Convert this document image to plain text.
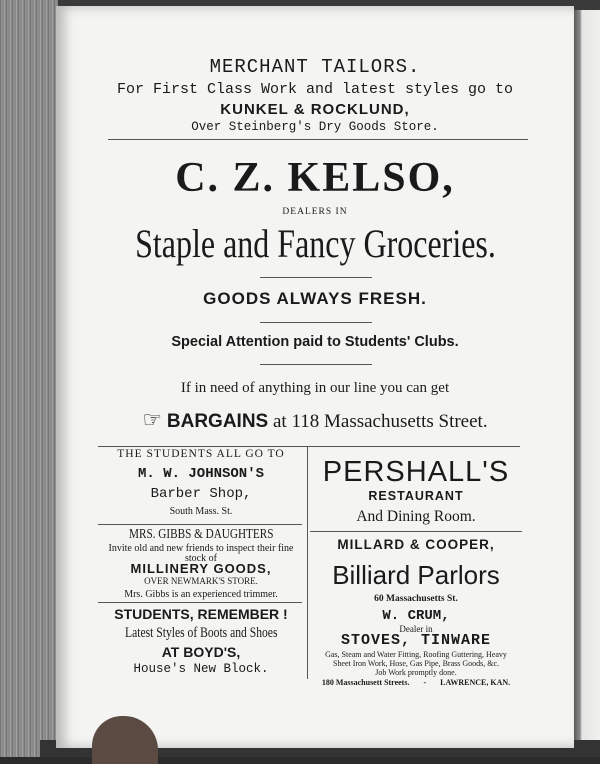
MERCHANT TAILORS.
For First Class Work and latest styles go to
KUNKEL & ROCKLUND,
Over Steinberg's Dry Goods Store.
C. Z. KELSO,
DEALERS IN
Staple and Fancy Groceries.
GOODS ALWAYS FRESH.
Special Attention paid to Students' Clubs.
If in need of anything in our line you can get
☞ BARGAINS at 118 Massachusetts Street.
THE STUDENTS ALL GO TO
M. W. JOHNSON'S
Barber Shop,
South Mass. St.
MRS. GIBBS & DAUGHTERS
Invite old and new friends to inspect their fine
stock of
MILLINERY GOODS,
OVER NEWMARK'S STORE.
Mrs. Gibbs is an experienced trimmer.
STUDENTS, REMEMBER !
Latest Styles of Boots and Shoes
AT BOYD'S,
House's New Block.
PERSHALL'S
RESTAURANT
And Dining Room.
MILLARD & COOPER,
Billiard Parlors
60 Massachusetts St.
W. CRUM,
Dealer in
STOVES, TINWARE
Gas, Steam and Water Fitting, Roofing Guttering, Heavy
Sheet Iron Work, Hose, Gas Pipe, Brass Goods, &c.
Job Work promptly done.
180 Massachusett Streets. - LAWRENCE, KAN.
